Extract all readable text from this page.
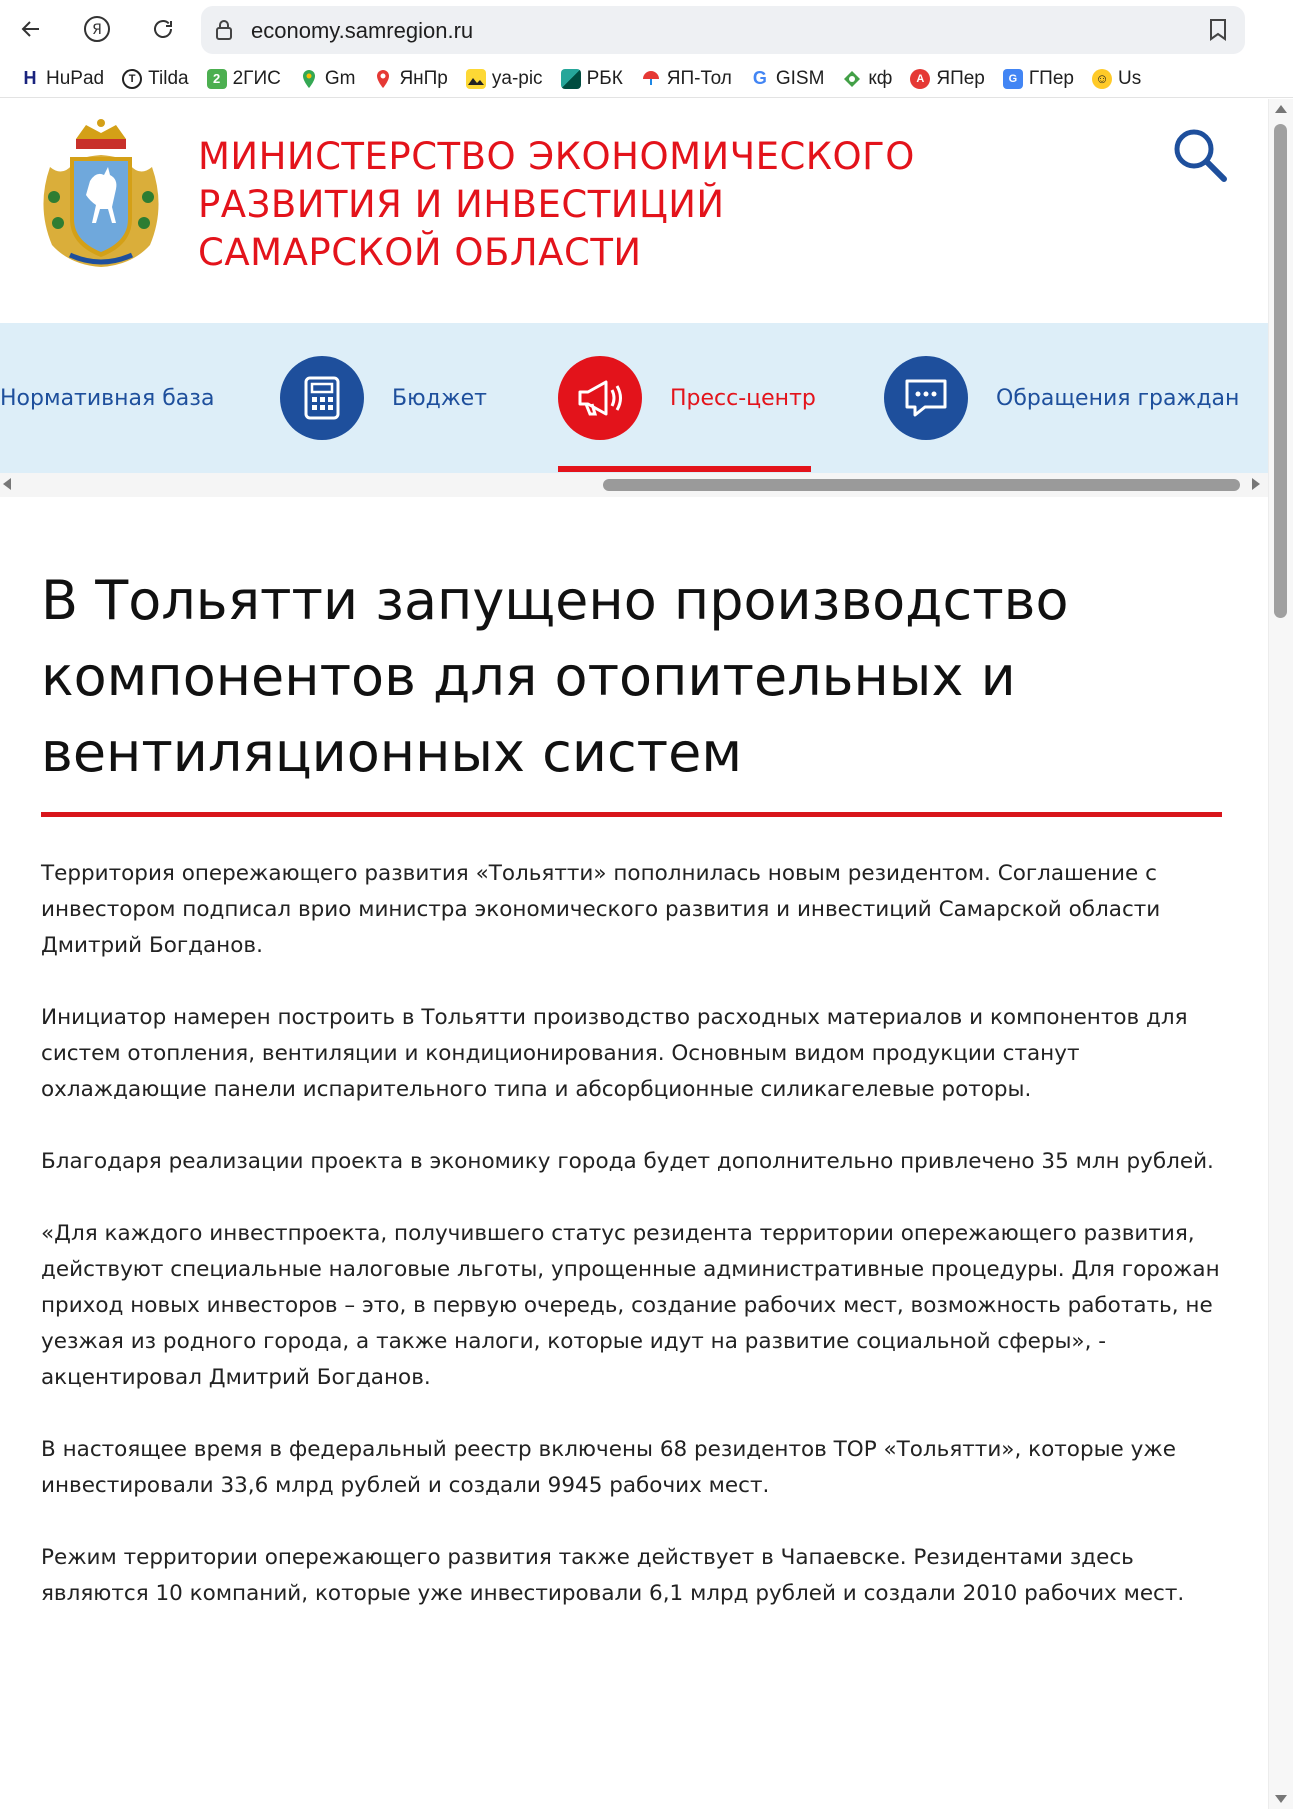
Я	economy.samregion.ru
H HuPad	T Tilda	2 2ГИС Gm ЯнПр ya-pic РБК ЯП-Тол G GISM кф	A ЯПер	G ГПер ☺ Us
МИНИСТЕРСТВО ЭКОНОМИЧЕСКОГО
РАЗВИТИЯ И ИНВЕСТИЦИЙ
САМАРСКОЙ ОБЛАСТИ
Нормативная база	Бюджет	Пресс-центр	Обращения граждан
В Тольятти запущено производство компонентов для отопительных и вентиляционных систем

Территория опережающего развития «Тольятти» пополнилась новым резидентом. Соглашение с инвестором подписал врио министра экономического развития и инвестиций Самарской области Дмитрий Богданов.

Инициатор намерен построить в Тольятти производство расходных материалов и компонентов для систем отопления, вентиляции и кондиционирования. Основным видом продукции станут охлаждающие панели испарительного типа и абсорбционные силикагелевые роторы.

Благодаря реализации проекта в экономику города будет дополнительно привлечено 35 млн рублей.

«Для каждого инвестпроекта, получившего статус резидента территории опережающего развития, действуют специальные налоговые льготы, упрощенные административные процедуры. Для горожан приход новых инвесторов – это, в первую очередь, создание рабочих мест, возможность работать, не уезжая из родного города, а также налоги, которые идут на развитие социальной сферы», - акцентировал Дмитрий Богданов.

В настоящее время в федеральный реестр включены 68 резидентов ТОР «Тольятти», которые уже инвестировали 33,6 млрд рублей и создали 9945 рабочих мест.

Режим территории опережающего развития также действует в Чапаевске. Резидентами здесь являются 10 компаний, которые уже инвестировали 6,1 млрд рублей и создали 2010 рабочих мест.
